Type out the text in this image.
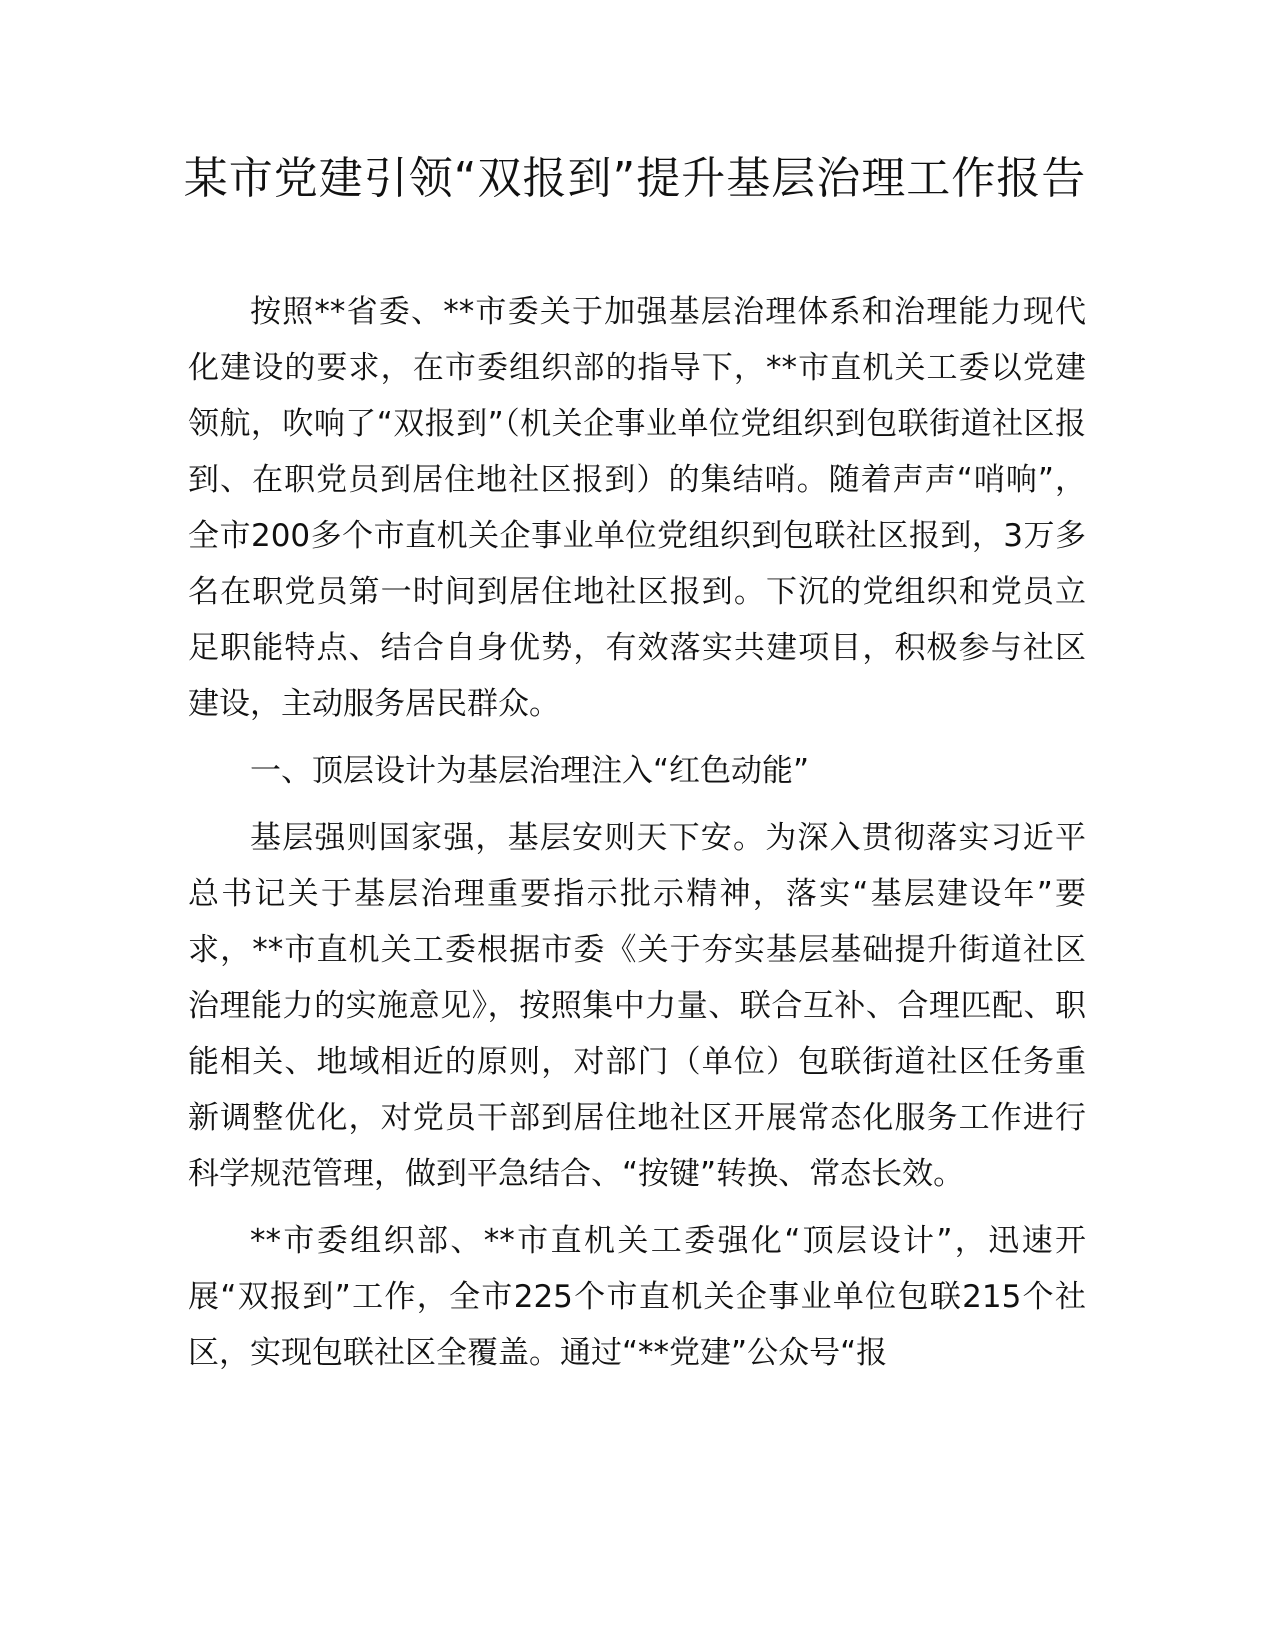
某市党建引领“双报到”提升基层治理工作报告

按照**省委、**市委关于加强基层治理体系和治理能力现代化建设的要求，在市委组织部的指导下，**市直机关工委以党建领航，吹响了“双报到”（机关企事业单位党组织到包联街道社区报到、在职党员到居住地社区报到）的集结哨。随着声声“哨响”，全市200多个市直机关企事业单位党组织到包联社区报到，3万多名在职党员第一时间到居住地社区报到。下沉的党组织和党员立足职能特点、结合自身优势，有效落实共建项目，积极参与社区建设，主动服务居民群众。

一、顶层设计为基层治理注入“红色动能”

基层强则国家强，基层安则天下安。为深入贯彻落实习近平总书记关于基层治理重要指示批示精神，落实“基层建设年”要求，**市直机关工委根据市委《关于夯实基层基础提升街道社区治理能力的实施意见》，按照集中力量、联合互补、合理匹配、职能相关、地域相近的原则，对部门（单位）包联街道社区任务重新调整优化，对党员干部到居住地社区开展常态化服务工作进行科学规范管理，做到平急结合、“按键”转换、常态长效。

**市委组织部、**市直机关工委强化“顶层设计”，迅速开展“双报到”工作，全市225个市直机关企事业单位包联215个社区，实现包联社区全覆盖。通过“**党建”公众号“报
